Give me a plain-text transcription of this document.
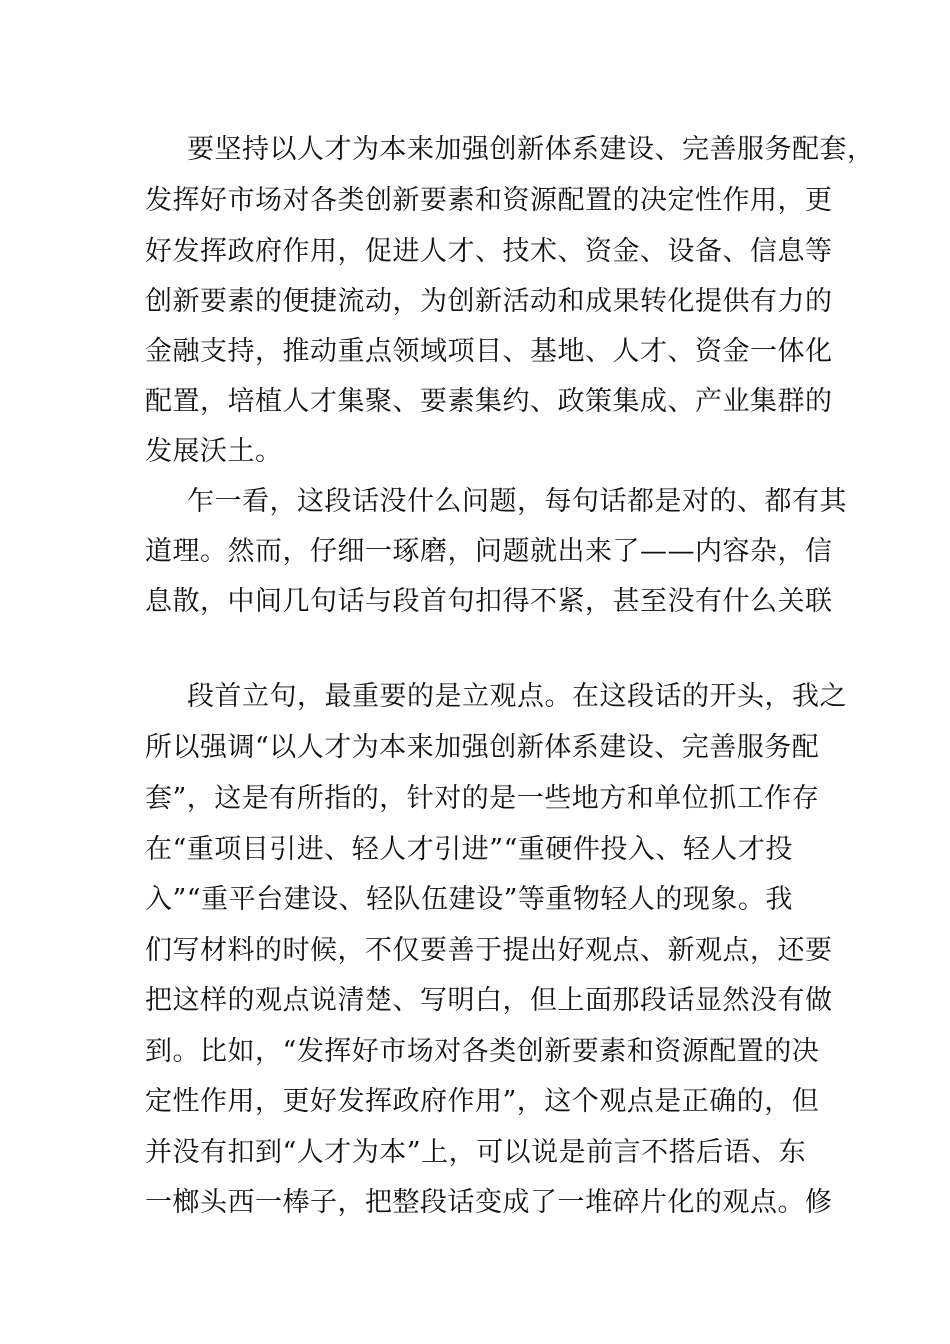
要坚持以人才为本来加强创新体系建设、完善服务配套，
发挥好市场对各类创新要素和资源配置的决定性作用，更
好发挥政府作用，促进人才、技术、资金、设备、信息等
创新要素的便捷流动，为创新活动和成果转化提供有力的
金融支持，推动重点领域项目、基地、人才、资金一体化
配置，培植人才集聚、要素集约、政策集成、产业集群的
发展沃土。
乍一看，这段话没什么问题，每句话都是对的、都有其
道理。然而，仔细一琢磨，问题就出来了——内容杂，信
息散，中间几句话与段首句扣得不紧，甚至没有什么关联
段首立句，最重要的是立观点。在这段话的开头，我之
所以强调“以人才为本来加强创新体系建设、完善服务配
套”，这是有所指的，针对的是一些地方和单位抓工作存
在“重项目引进、轻人才引进”“重硬件投入、轻人才投
入”“重平台建设、轻队伍建设”等重物轻人的现象。我
们写材料的时候，不仅要善于提出好观点、新观点，还要
把这样的观点说清楚、写明白，但上面那段话显然没有做
到。比如，“发挥好市场对各类创新要素和资源配置的决
定性作用，更好发挥政府作用”，这个观点是正确的，但
并没有扣到“人才为本”上，可以说是前言不搭后语、东
一榔头西一棒子，把整段话变成了一堆碎片化的观点。修
